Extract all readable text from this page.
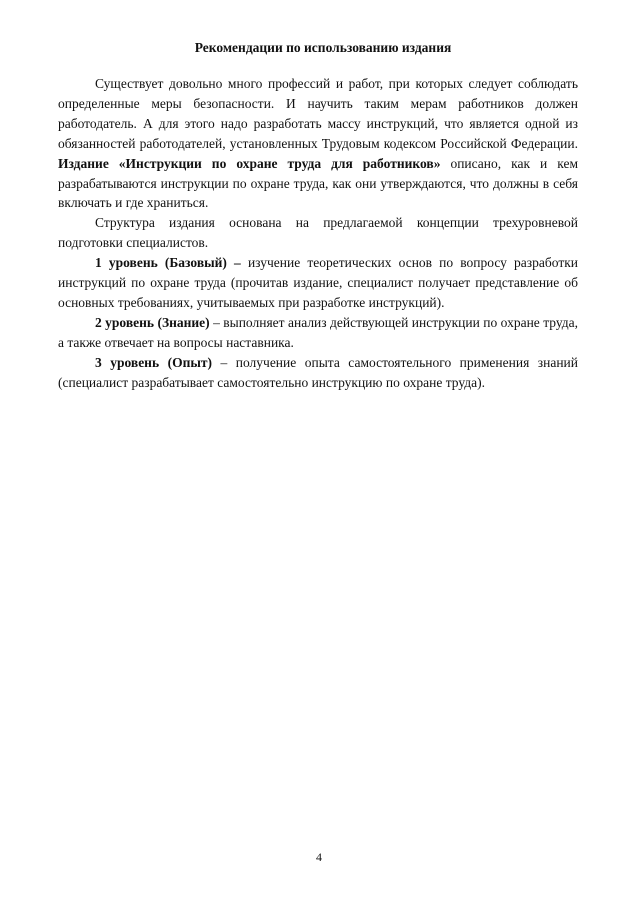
Рекомендации по использованию издания

Существует довольно много профессий и работ, при которых следует соблюдать определенные меры безопасности. И научить таким мерам работников должен работодатель. А для этого надо разработать массу инструкций, что является одной из обязанностей работодателей, установленных Трудовым кодексом Российской Федерации. Издание «Инструкции по охране труда для работников» описано, как и кем разрабатываются инструкции по охране труда, как они утверждаются, что должны в себя включать и где храниться.

Структура издания основана на предлагаемой концепции трехуровневой подготовки специалистов.

1 уровень (Базовый) – изучение теоретических основ по вопросу разработки инструкций по охране труда (прочитав издание, специалист получает представление об основных требованиях, учитываемых при разработке инструкций).

2 уровень (Знание) – выполняет анализ действующей инструкции по охране труда, а также отвечает на вопросы наставника.

3 уровень (Опыт) – получение опыта самостоятельного применения знаний (специалист разрабатывает самостоятельно инструкцию по охране труда).

4
